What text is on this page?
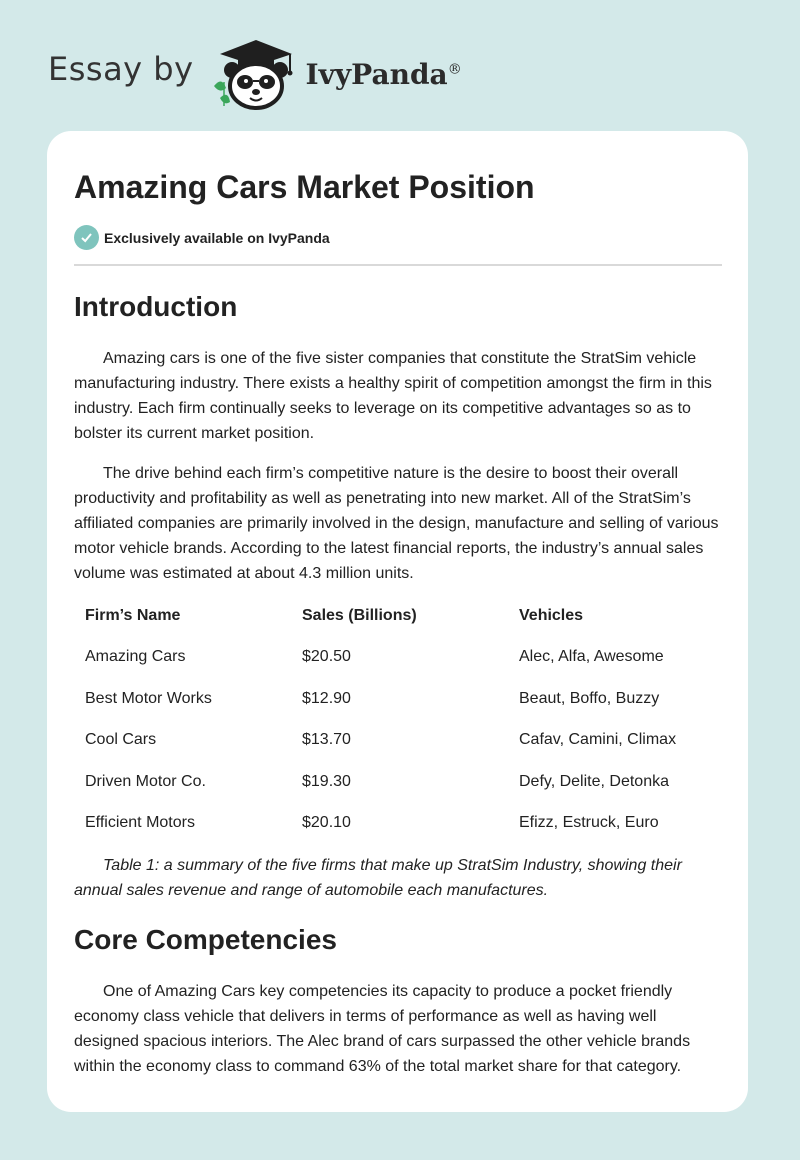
Essay by	IvyPanda®
Amazing Cars Market Position
Exclusively available on IvyPanda
Introduction

Amazing cars is one of the five sister companies that constitute the StratSim vehicle manufacturing industry. There exists a healthy spirit of competition amongst the firm in this industry. Each firm continually seeks to leverage on its competitive advantages so as to bolster its current market position.

The drive behind each firm’s competitive nature is the desire to boost their overall productivity and profitability as well as penetrating into new market. All of the StratSim’s affiliated companies are primarily involved in the design, manufacture and selling of various motor vehicle brands. According to the latest financial reports, the industry’s annual sales volume was estimated at about 4.3 million units.

Firm’s Name	Sales (Billions)	Vehicles
Amazing Cars	$20.50	Alec, Alfa, Awesome
Best Motor Works	$12.90	Beaut, Boffo, Buzzy
Cool Cars	$13.70	Cafav, Camini, Climax
Driven Motor Co.	$19.30	Defy, Delite, Detonka
Efficient Motors	$20.10	Efizz, Estruck, Euro

Table 1: a summary of the five firms that make up StratSim Industry, showing their annual sales revenue and range of automobile each manufactures.

Core Competencies

One of Amazing Cars key competencies its capacity to produce a pocket friendly economy class vehicle that delivers in terms of performance as well as having well designed spacious interiors. The Alec brand of cars surpassed the other vehicle brands within the economy class to command 63% of the total market share for that category.
